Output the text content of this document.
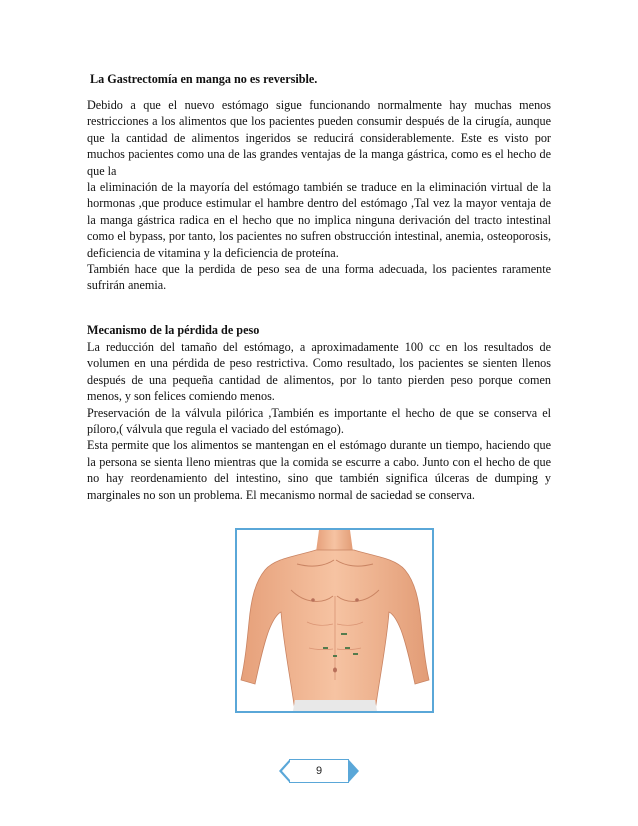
La Gastrectomía en manga no es reversible.

Debido a que el nuevo estómago sigue funcionando normalmente hay muchas menos restricciones a los alimentos que los pacientes pueden consumir después de la cirugía, aunque que la cantidad de alimentos ingeridos se reducirá considerablemente. Este es visto por muchos pacientes como una de las grandes ventajas de la manga gástrica, como es el hecho de que la

la eliminación de la mayoría del estómago también se traduce en la eliminación virtual de la hormonas ,que produce estimular el hambre dentro del estómago ,Tal vez la mayor ventaja de la manga gástrica radica en el hecho que no implica ninguna derivación del tracto intestinal como el bypass, por tanto, los pacientes no sufren obstrucción intestinal, anemia, osteoporosis, deficiencia de vitamina y la deficiencia de proteína.

También hace que la perdida de peso sea de una forma adecuada, los pacientes raramente sufrirán anemia.

Mecanismo de la pérdida de peso

La reducción del tamaño del estómago, a aproximadamente 100 cc en los resultados de volumen en una pérdida de peso restrictiva. Como resultado, los pacientes se sienten llenos después de una pequeña cantidad de alimentos, por lo tanto pierden peso porque comen menos, y son felices comiendo menos.

Preservación de la válvula pilórica ,También es importante el hecho de que se conserva el píloro,( válvula que regula el vaciado del estómago).

Esta permite que los alimentos se mantengan en el estómago durante un tiempo, haciendo que la persona se sienta lleno mientras que la comida se escurre a cabo. Junto con el hecho de que no hay reordenamiento del intestino, sino que también significa úlceras de dumping y marginales no son un problema. El mecanismo normal de saciedad se conserva.

9
